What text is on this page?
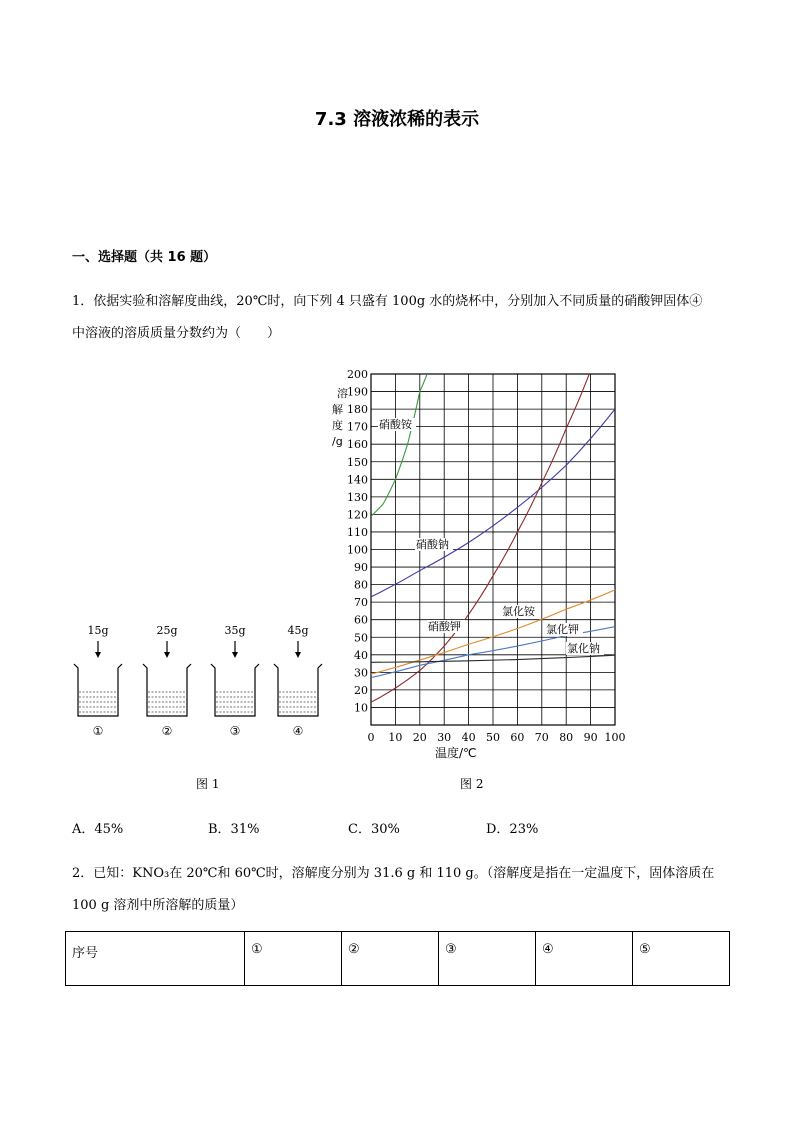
7.3 溶液浓稀的表示
一、选择题（共 16 题）
1．依据实验和溶解度曲线，20℃时，向下列 4 只盛有 100g 水的烧杯中，分别加入不同质量的硝酸钾固体④
中溶液的溶质质量分数约为（　　）
15g
①
25g
②
35g
③
45g
④	0 10 20 30 40 50 60 70 80 90 100
10
20
30
40
50
60
70
80
90
100
110
120
130
140
150
160
170
180
190
200
硝酸铵
硝酸钠
硝酸钾
氯化铵
氯化钾
氯化钠
溶
解
度
/g
温度/℃
图 1	图 2
A．45%	B．31%	C．30%	D．23%
2．已知：KNO₃在 20℃和 60℃时，溶解度分别为 31.6 g 和 110 g。（溶解度是指在一定温度下，固体溶质在
100 g 溶剂中所溶解的质量）
序号	①	②	③	④	⑤
